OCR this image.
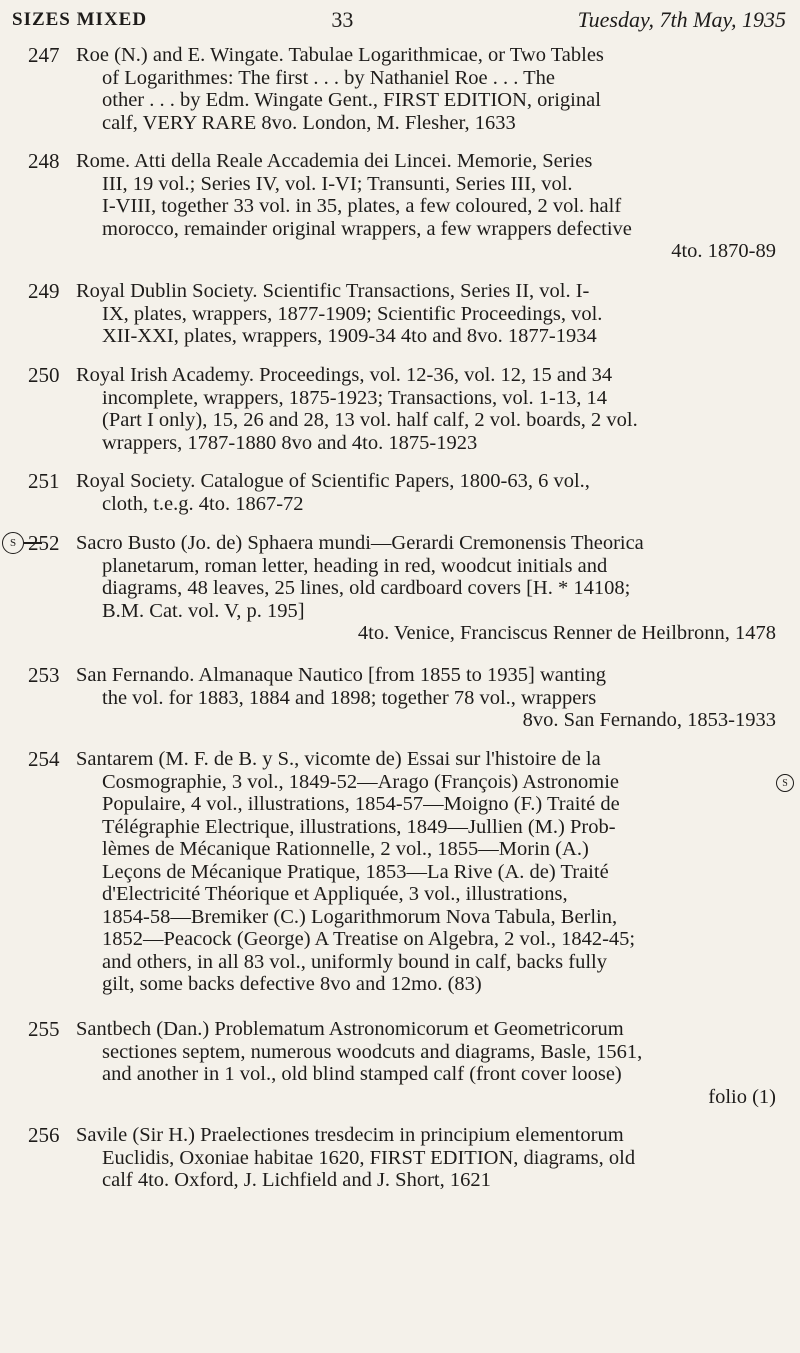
SIZES MIXED	33	Tuesday, 7th May, 1935
247 Roe (N.) and E. Wingate. Tabulae Logarithmicae, or Two Tables
of Logarithmes: The first . . . by Nathaniel Roe . . . The
other . . . by Edm. Wingate Gent., FIRST EDITION, original
calf, VERY RARE 8vo. London, M. Flesher, 1633
248 Rome. Atti della Reale Accademia dei Lincei. Memorie, Series
III, 19 vol.; Series IV, vol. I-VI; Transunti, Series III, vol.
I-VIII, together 33 vol. in 35, plates, a few coloured, 2 vol. half
morocco, remainder original wrappers, a few wrappers defective
4to. 1870-89
249 Royal Dublin Society. Scientific Transactions, Series II, vol. I-
IX, plates, wrappers, 1877-1909; Scientific Proceedings, vol.
XII-XXI, plates, wrappers, 1909-34 4to and 8vo. 1877-1934
250 Royal Irish Academy. Proceedings, vol. 12-36, vol. 12, 15 and 34
incomplete, wrappers, 1875-1923; Transactions, vol. 1-13, 14
(Part I only), 15, 26 and 28, 13 vol. half calf, 2 vol. boards, 2 vol.
wrappers, 1787-1880 8vo and 4to. 1875-1923
251 Royal Society. Catalogue of Scientific Papers, 1800-63, 6 vol.,
cloth, t.e.g. 4to. 1867-72
S 252 Sacro Busto (Jo. de) Sphaera mundi—Gerardi Cremonensis Theorica
planetarum, roman letter, heading in red, woodcut initials and
diagrams, 48 leaves, 25 lines, old cardboard covers [H. * 14108;
B.M. Cat. vol. V, p. 195]
4to. Venice, Franciscus Renner de Heilbronn, 1478
253 San Fernando. Almanaque Nautico [from 1855 to 1935] wanting
the vol. for 1883, 1884 and 1898; together 78 vol., wrappers
8vo. San Fernando, 1853-1933
254 Santarem (M. F. de B. y S., vicomte de) Essai sur l'histoire de la
Cosmographie, 3 vol., 1849-52—Arago (François) Astronomie
Populaire, 4 vol., illustrations, 1854-57—Moigno (F.) Traité de
Télégraphie Electrique, illustrations, 1849—Jullien (M.) Prob-
lèmes de Mécanique Rationnelle, 2 vol., 1855—Morin (A.)
Leçons de Mécanique Pratique, 1853—La Rive (A. de) Traité
d'Electricité Théorique et Appliquée, 3 vol., illustrations,
1854-58—Bremiker (C.) Logarithmorum Nova Tabula, Berlin,
1852—Peacock (George) A Treatise on Algebra, 2 vol., 1842-45;
and others, in all 83 vol., uniformly bound in calf, backs fully
gilt, some backs defective 8vo and 12mo. (83)
S
255 Santbech (Dan.) Problematum Astronomicorum et Geometricorum
sectiones septem, numerous woodcuts and diagrams, Basle, 1561,
and another in 1 vol., old blind stamped calf (front cover loose)
folio (1)
256 Savile (Sir H.) Praelectiones tresdecim in principium elementorum
Euclidis, Oxoniae habitae 1620, FIRST EDITION, diagrams, old
calf 4to. Oxford, J. Lichfield and J. Short, 1621
